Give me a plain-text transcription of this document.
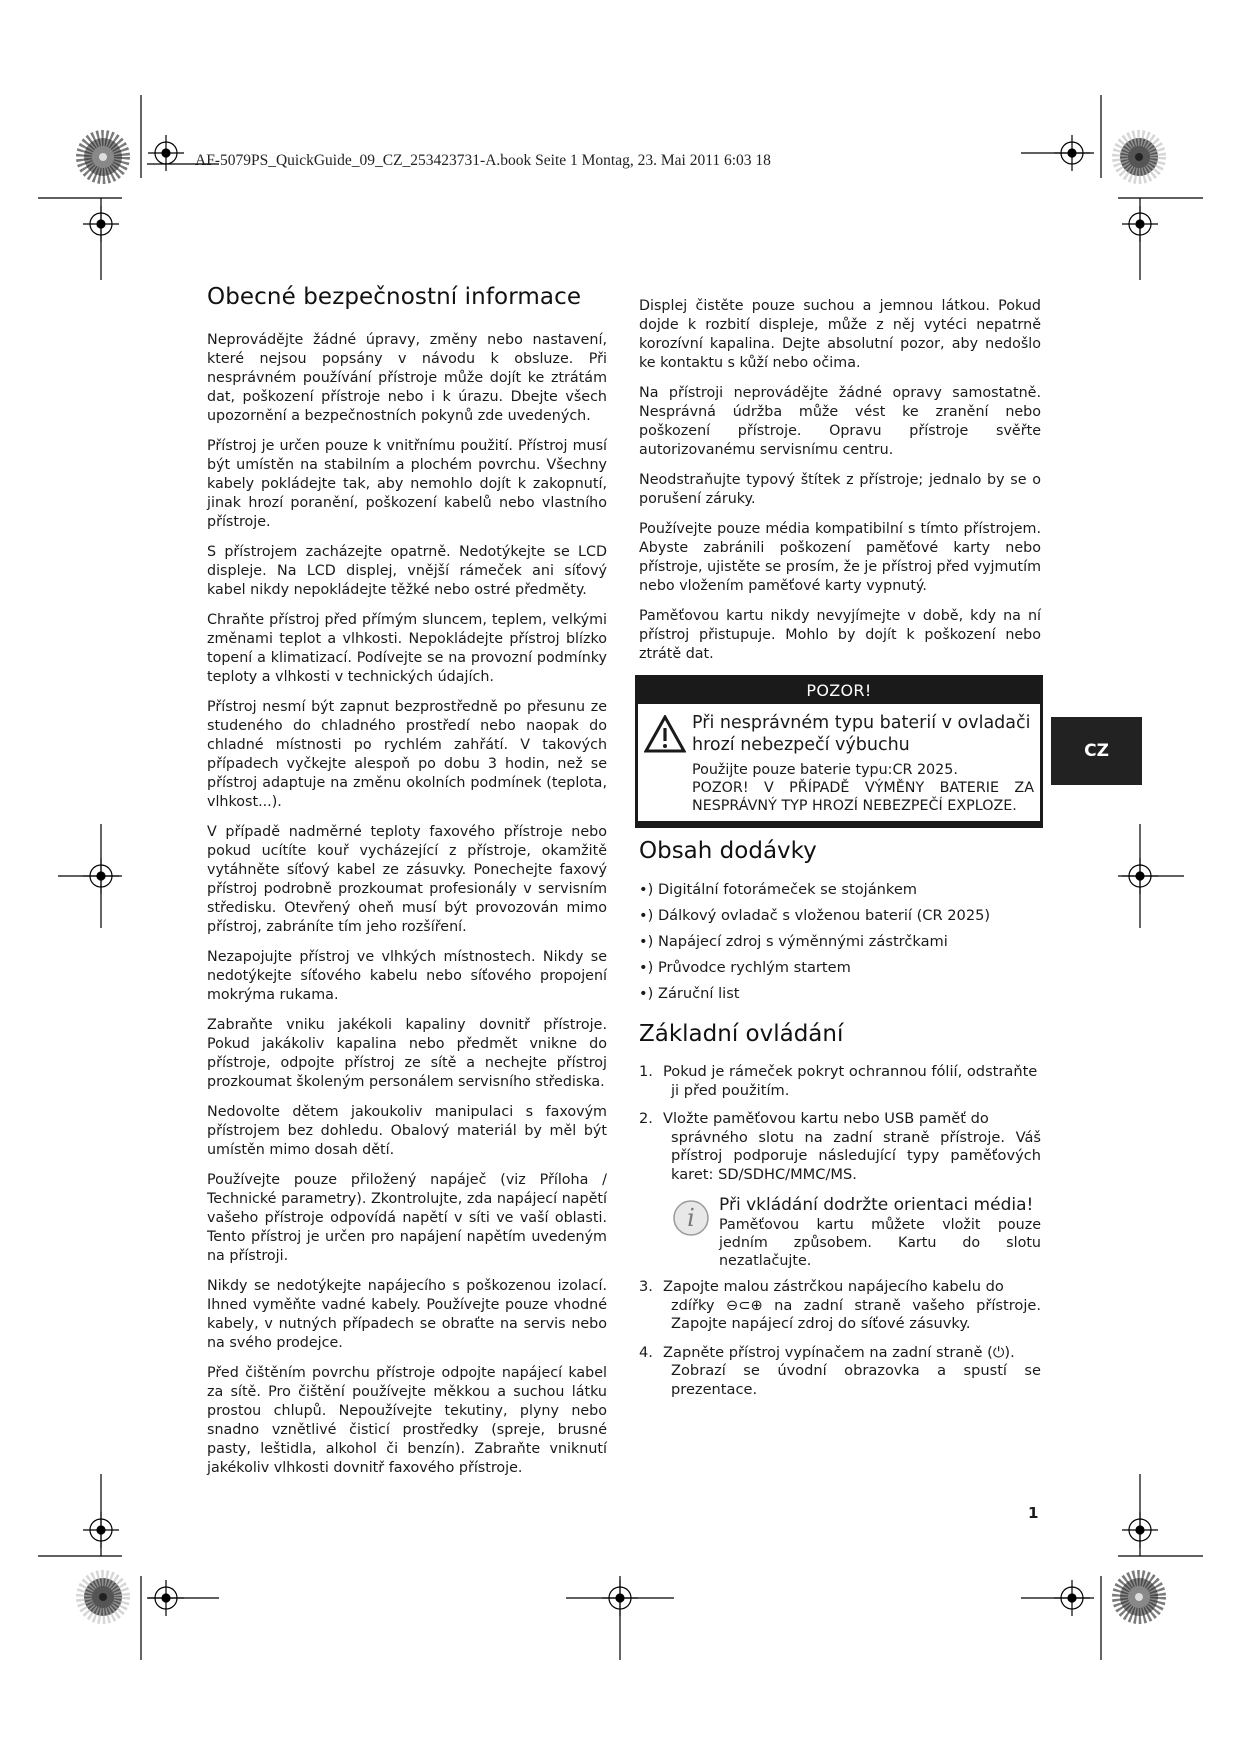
AF-5079PS_QuickGuide_09_CZ_253423731-A.book Seite 1 Montag, 23. Mai 2011 6:03 18
Obecné bezpečnostní informace

Neprovádějte žádné úpravy, změny nebo nastavení, které nejsou popsány v návodu k obsluze. Při nesprávném používání přístroje může dojít ke ztrátám dat, poškození přístroje nebo i k úrazu. Dbejte všech upozornění a bezpečnostních pokynů zde uvedených.

Přístroj je určen pouze k vnitřnímu použití. Přístroj musí být umístěn na stabilním a plochém povrchu. Všechny kabely pokládejte tak, aby nemohlo dojít k zakopnutí, jinak hrozí poranění, poškození kabelů nebo vlastního přístroje.

S přístrojem zacházejte opatrně. Nedotýkejte se LCD displeje. Na LCD displej, vnější rámeček ani síťový kabel nikdy nepokládejte těžké nebo ostré předměty.

Chraňte přístroj před přímým sluncem, teplem, velkými změnami teplot a vlhkosti. Nepokládejte přístroj blízko topení a klimatizací. Podívejte se na provozní podmínky teploty a vlhkosti v technických údajích.

Přístroj nesmí být zapnut bezprostředně po přesunu ze studeného do chladného prostředí nebo naopak do chladné místnosti po rychlém zahřátí. V takových případech vyčkejte alespoň po dobu 3 hodin, než se přístroj adaptuje na změnu okolních podmínek (teplota, vlhkost...).

V případě nadměrné teploty faxového přístroje nebo pokud ucítíte kouř vycházející z přístroje, okamžitě vytáhněte síťový kabel ze zásuvky. Ponechejte faxový přístroj podrobně prozkoumat profesionály v servisním středisku. Otevřený oheň musí být provozován mimo přístroj, zabráníte tím jeho rozšíření.

Nezapojujte přístroj ve vlhkých místnostech. Nikdy se nedotýkejte síťového kabelu nebo síťového propojení mokrýma rukama.

Zabraňte vniku jakékoli kapaliny dovnitř přístroje. Pokud jakákoliv kapalina nebo předmět vnikne do přístroje, odpojte přístroj ze sítě a nechejte přístroj prozkoumat školeným personálem servisního střediska.

Nedovolte dětem jakoukoliv manipulaci s faxovým přístrojem bez dohledu. Obalový materiál by měl být umístěn mimo dosah dětí.

Používejte pouze přiložený napáječ (viz Příloha / Technické parametry). Zkontrolujte, zda napájecí napětí vašeho přístroje odpovídá napětí v síti ve vaší oblasti. Tento přístroj je určen pro napájení napětím uvedeným na přístroji.

Nikdy se nedotýkejte napájecího s poškozenou izolací. Ihned vyměňte vadné kabely. Používejte pouze vhodné kabely, v nutných případech se obraťte na servis nebo na svého prodejce.

Před čištěním povrchu přístroje odpojte napájecí kabel za sítě. Pro čištění používejte měkkou a suchou látku prostou chlupů. Nepoužívejte tekutiny, plyny nebo snadno vznětlivé čisticí prostředky (spreje, brusné pasty, leštidla, alkohol či benzín). Zabraňte vniknutí jakékoliv vlhkosti dovnitř faxového přístroje.

Displej čistěte pouze suchou a jemnou látkou. Pokud dojde k rozbití displeje, může z něj vytéci nepatrně korozívní kapalina. Dejte absolutní pozor, aby nedošlo ke kontaktu s kůží nebo očima.

Na přístroji neprovádějte žádné opravy samostatně. Nesprávná údržba může vést ke zranění nebo poškození přístroje. Opravu přístroje svěřte autorizovanému servisnímu centru.

Neodstraňujte typový štítek z přístroje; jednalo by se o porušení záruky.

Používejte pouze média kompatibilní s tímto přístrojem. Abyste zabránili poškození paměťové karty nebo přístroje, ujistěte se prosím, že je přístroj před vyjmutím nebo vložením paměťové karty vypnutý.

Paměťovou kartu nikdy nevyjímejte v době, kdy na ní přístroj přistupuje. Mohlo by dojít k poškození nebo ztrátě dat.

POZOR!
Při nesprávném typu baterií v ovladači hrozí nebezpečí výbuchu

Použijte pouze baterie typu:CR 2025.

POZOR! V PŘÍPADĚ VÝMĚNY BATERIE ZA NESPRÁVNÝ TYP HROZÍ NEBEZPEČÍ EXPLOZE.

Obsah dodávky
•) Digitální fotorámeček se stojánkem
•) Dálkový ovladač s vloženou baterií (CR 2025)
•) Napájecí zdroj s výměnnými zástrčkami
•) Průvodce rychlým startem
•) Záruční list
Základní ovládání
1. Pokud je rámeček pokryt ochrannou fólií, odstraňte
ji před použitím.
2. Vložte paměťovou kartu nebo USB paměť do
správného slotu na zadní straně přístroje. Váš přístroj podporuje následující typy paměťových karet: SD/SDHC/MMC/MS.
i Při vkládání dodržte orientaci média!
Paměťovou kartu můžete vložit pouze jedním způsobem. Kartu do slotu nezatlačujte.
3. Zapojte malou zástrčkou napájecího kabelu do
zdířky ⊖⊂⊕ na zadní straně vašeho přístroje. Zapojte napájecí zdroj do síťové zásuvky.
4. Zapněte přístroj vypínačem na zadní straně (⏻).
Zobrazí se úvodní obrazovka a spustí se prezentace.
CZ
1
